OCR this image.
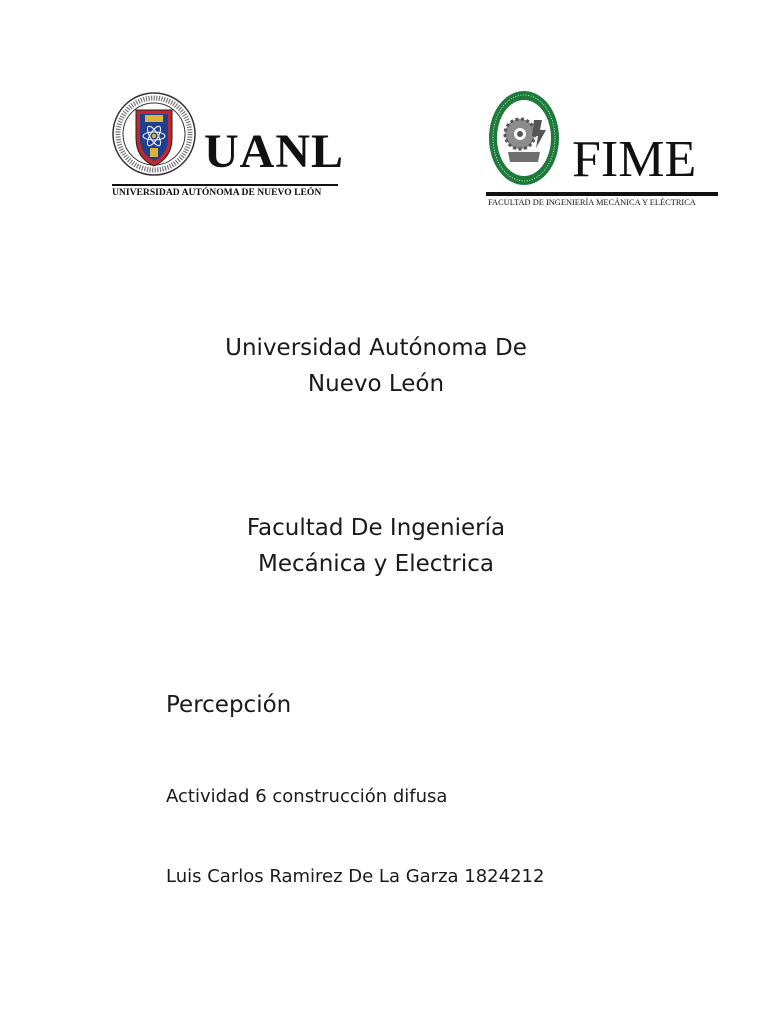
UANL
UNIVERSIDAD AUTÓNOMA DE NUEVO LEÓN
FIME
FACULTAD DE INGENIERÍA MECÁNICA Y ELÉCTRICA
Universidad Autónoma De
Nuevo León
Facultad De Ingeniería
Mecánica y Electrica
Percepción
Actividad 6 construcción difusa
Luis Carlos Ramirez De La Garza 1824212
